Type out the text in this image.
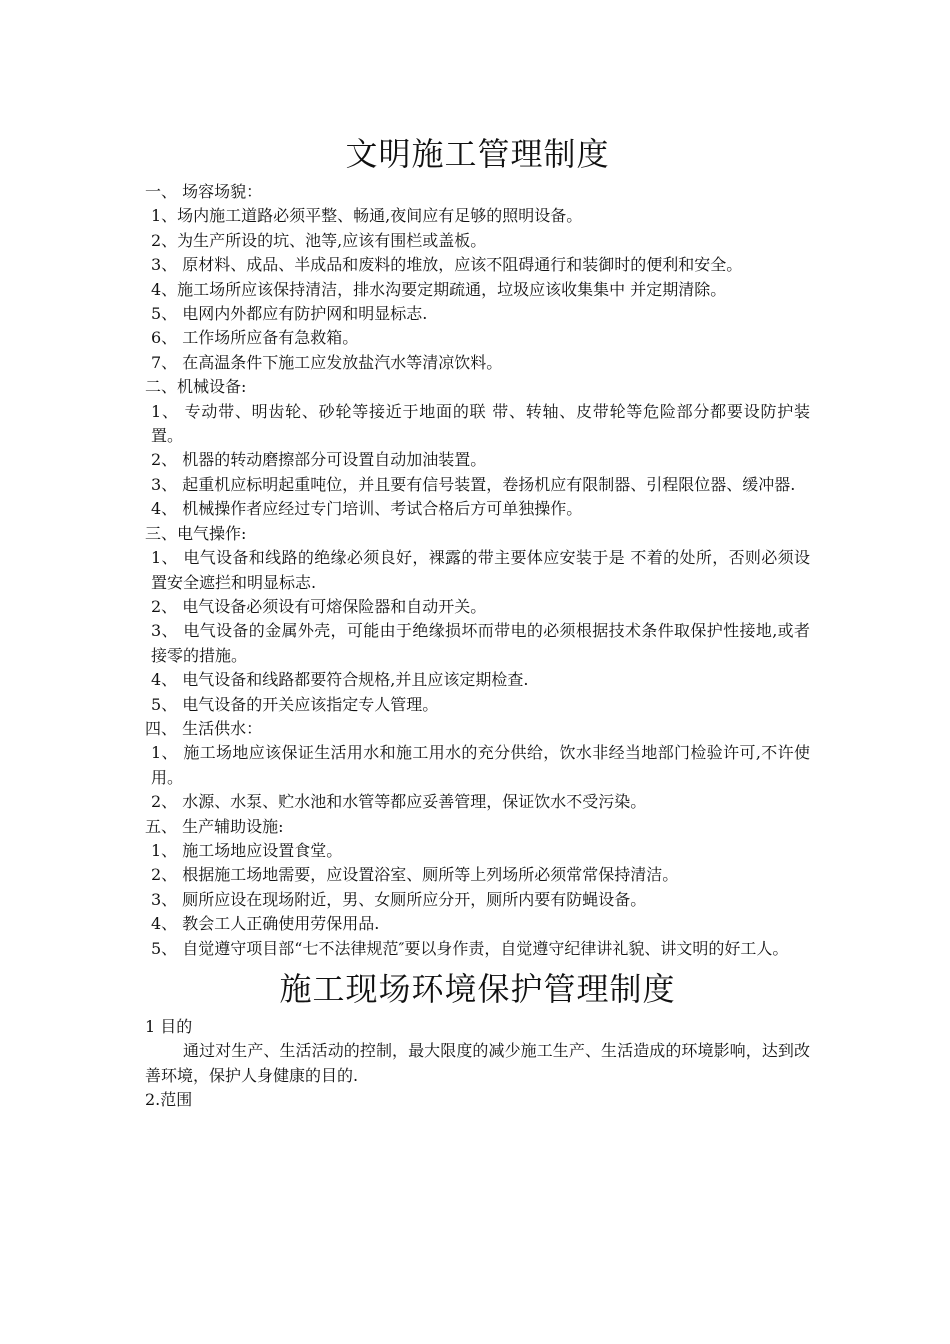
文明施工管理制度

一、 场容场貌：

1、场内施工道路必须平整、畅通,夜间应有足够的照明设备。

2、为生产所设的坑、池等,应该有围栏或盖板。

3、 原材料、成品、半成品和废料的堆放，应该不阻碍通行和装御时的便利和安全。

4、施工场所应该保持清洁，排水沟要定期疏通，垃圾应该收集集中 并定期清除。

5、 电网内外都应有防护网和明显标志.

6、 工作场所应备有急救箱。

7、 在高温条件下施工应发放盐汽水等清凉饮料。

二、机械设备:

1、 专动带、明齿轮、砂轮等接近于地面的联 带、转轴、皮带轮等危险部分都要设防护装置。

2、 机器的转动磨擦部分可设置自动加油装置。

3、 起重机应标明起重吨位，并且要有信号装置，卷扬机应有限制器、引程限位器、缓冲器.

4、 机械操作者应经过专门培训、考试合格后方可单独操作。

三、电气操作:

1、 电气设备和线路的绝缘必须良好，裸露的带主要体应安装于是 不着的处所，否则必须设置安全遮拦和明显标志.

2、 电气设备必须设有可熔保险器和自动开关。

3、 电气设备的金属外壳，可能由于绝缘损坏而带电的必须根据技术条件取保护性接地,或者接零的措施。

4、 电气设备和线路都要符合规格,并且应该定期检查.

5、 电气设备的开关应该指定专人管理。

四、 生活供水：

1、 施工场地应该保证生活用水和施工用水的充分供给，饮水非经当地部门检验许可,不许使用。

2、 水源、水泵、贮水池和水管等都应妥善管理，保证饮水不受污染。

五、 生产辅助设施:

1、 施工场地应设置食堂。

2、 根据施工场地需要，应设置浴室、厕所等上列场所必须常常保持清洁。

3、 厕所应设在现场附近，男、女厕所应分开，厕所内要有防蝇设备。

4、 教会工人正确使用劳保用品.

5、 自觉遵守项目部“七不法律规范″要以身作责，自觉遵守纪律讲礼貌、讲文明的好工人。

施工现场环境保护管理制度

1 目的

通过对生产、生活活动的控制，最大限度的减少施工生产、生活造成的环境影响，达到改善环境，保护人身健康的目的.

2.范围
